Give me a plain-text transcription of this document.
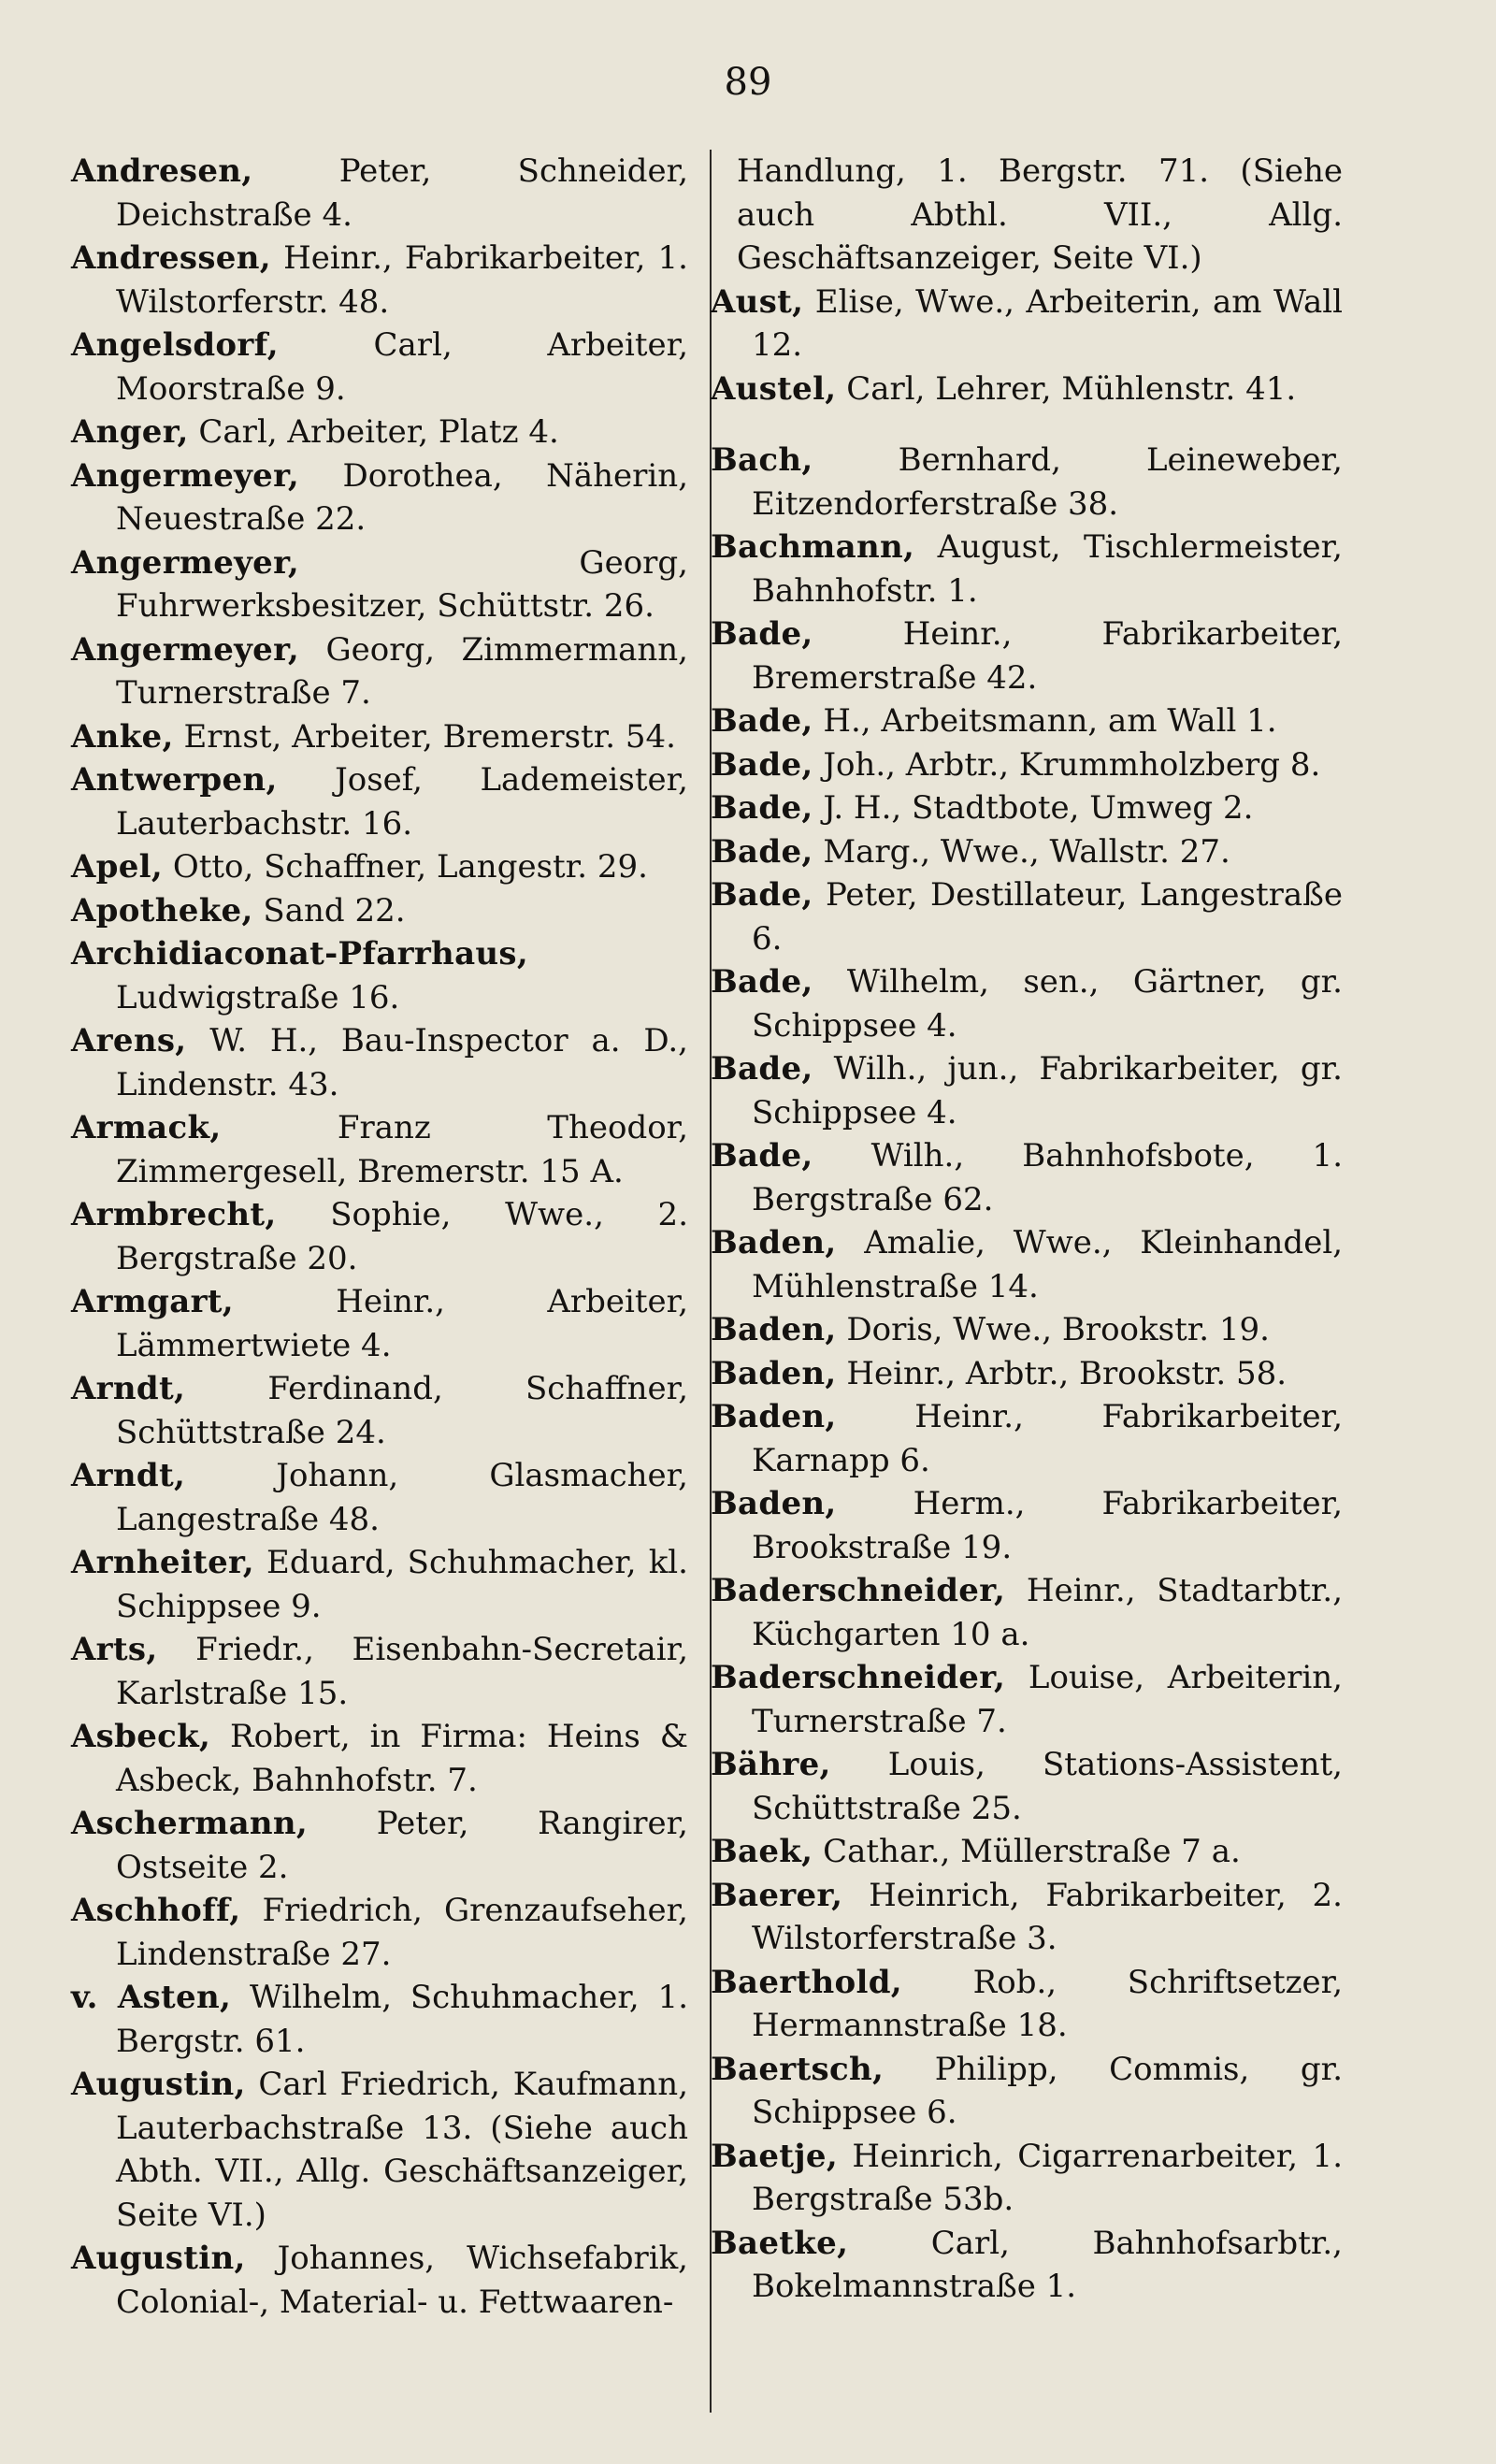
89
Andresen, Peter, Schneider, Deichstraße 4.
Andressen, Heinr., Fabrikarbeiter, 1. Wilstorferstr. 48.
Angelsdorf, Carl, Arbeiter, Moorstraße 9.
Anger, Carl, Arbeiter, Platz 4.
Angermeyer, Dorothea, Näherin, Neuestraße 22.
Angermeyer, Georg, Fuhrwerksbesitzer, Schüttstr. 26.
Angermeyer, Georg, Zimmermann, Turnerstraße 7.
Anke, Ernst, Arbeiter, Bremerstr. 54.
Antwerpen, Josef, Lademeister, Lauterbachstr. 16.
Apel, Otto, Schaffner, Langestr. 29.
Apotheke, Sand 22.
Archidiaconat-Pfarrhaus, Ludwigstraße 16.
Arens, W. H., Bau-Inspector a. D., Lindenstr. 43.
Armack, Franz Theodor, Zimmergesell, Bremerstr. 15 A.
Armbrecht, Sophie, Wwe., 2. Bergstraße 20.
Armgart, Heinr., Arbeiter, Lämmertwiete 4.
Arndt, Ferdinand, Schaffner, Schüttstraße 24.
Arndt, Johann, Glasmacher, Langestraße 48.
Arnheiter, Eduard, Schuhmacher, kl. Schippsee 9.
Arts, Friedr., Eisenbahn-Secretair, Karlstraße 15.
Asbeck, Robert, in Firma: Heins & Asbeck, Bahnhofstr. 7.
Aschermann, Peter, Rangirer, Ostseite 2.
Aschhoff, Friedrich, Grenzaufseher, Lindenstraße 27.
v. Asten, Wilhelm, Schuhmacher, 1. Bergstr. 61.
Augustin, Carl Friedrich, Kaufmann, Lauterbachstraße 13. (Siehe auch Abth. VII., Allg. Geschäftsanzeiger, Seite VI.)
Augustin, Johannes, Wichsefabrik, Colonial-, Material- u. Fettwaaren-
Handlung, 1. Bergstr. 71. (Siehe auch Abthl. VII., Allg. Geschäftsanzeiger, Seite VI.)
Aust, Elise, Wwe., Arbeiterin, am Wall 12.
Austel, Carl, Lehrer, Mühlenstr. 41.
Bach, Bernhard, Leineweber, Eitzendorferstraße 38.
Bachmann, August, Tischlermeister, Bahnhofstr. 1.
Bade, Heinr., Fabrikarbeiter, Bremerstraße 42.
Bade, H., Arbeitsmann, am Wall 1.
Bade, Joh., Arbtr., Krummholzberg 8.
Bade, J. H., Stadtbote, Umweg 2.
Bade, Marg., Wwe., Wallstr. 27.
Bade, Peter, Destillateur, Langestraße 6.
Bade, Wilhelm, sen., Gärtner, gr. Schippsee 4.
Bade, Wilh., jun., Fabrikarbeiter, gr. Schippsee 4.
Bade, Wilh., Bahnhofsbote, 1. Bergstraße 62.
Baden, Amalie, Wwe., Kleinhandel, Mühlenstraße 14.
Baden, Doris, Wwe., Brookstr. 19.
Baden, Heinr., Arbtr., Brookstr. 58.
Baden, Heinr., Fabrikarbeiter, Karnapp 6.
Baden, Herm., Fabrikarbeiter, Brookstraße 19.
Baderschneider, Heinr., Stadtarbtr., Küchgarten 10 a.
Baderschneider, Louise, Arbeiterin, Turnerstraße 7.
Bähre, Louis, Stations-Assistent, Schüttstraße 25.
Baek, Cathar., Müllerstraße 7 a.
Baerer, Heinrich, Fabrikarbeiter, 2. Wilstorferstraße 3.
Baerthold, Rob., Schriftsetzer, Hermannstraße 18.
Baertsch, Philipp, Commis, gr. Schippsee 6.
Baetje, Heinrich, Cigarrenarbeiter, 1. Bergstraße 53b.
Baetke, Carl, Bahnhofsarbtr., Bokelmannstraße 1.
